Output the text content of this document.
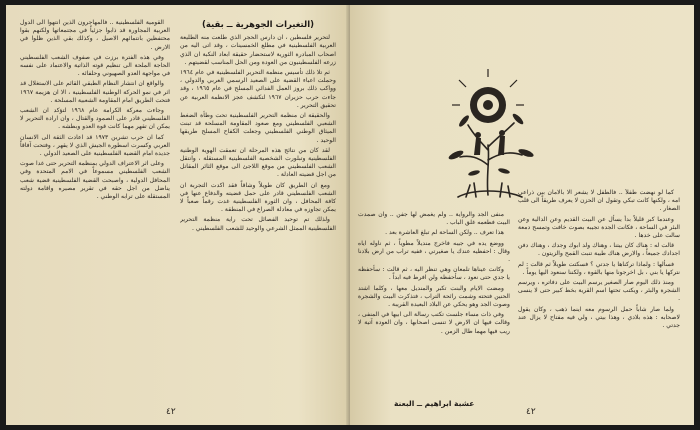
القومية الفلسطينية .. فالمهاجرون الذين انتهوا الى الدول العربية المجاورة قد ذابوا جزئياً في مجتمعاتها ولكنهم بقوا محتفظين بانتمائهم الاصيل ، وكذلك بقي الذين ظلوا في الارض .

وفي هذه الفترة برزت في صفوف الشعب الفلسطيني الحاجة الملحة الى تنظيم قوته الذاتية والاعتماد على نفسه في مواجهة العدو الصهيوني وحلفائه .

والواقع ان انتشار النظام الطبقي القائم على الاستغلال قد اثر في نمو الحركة الوطنية الفلسطينية ، الا ان هزيمة ١٩٦٧ فتحت الطريق امام المقاومة الشعبية المسلحة .

وجاءت معركة الكرامة عام ١٩٦٨ لتؤكد ان الشعب الفلسطيني قادر على الصمود والقتال ، وان ارادة التحرير لا يمكن ان تقهر مهما كانت قوة العدو وبطشه .

كما ان حرب تشرين ١٩٧٣ قد اعادت الثقة الى الانسان العربي وكسرت اسطورة الجيش الذي لا يقهر ، وفتحت آفاقاً جديدة امام القضية الفلسطينية على الصعيد الدولي .

وعلى اثر الاعتراف الدولي بمنظمة التحرير حتى غدا صوت الشعب الفلسطيني مسموعاً في الامم المتحدة وفي المحافل الدولية ، واصبحت القضية الفلسطينية قضية شعب يناضل من اجل حقه في تقرير مصيره واقامة دولته المستقلة على ترابه الوطني .

(التغيرات الجوهرية ــ بقية)

لتحرير فلسطين ، ان دارس الحجر الذي طلعت منه الطليعة العربية الفلسطينية في مطلع الخمسينات ، وقد اتى اليه من اصحاب المبادرة الثورية لاستحضار حقيقة ابعاد النكبة ان الذي زرعه الفلسطينيون من العودة ومن الحل المناسب لقضيتهم .

ثم تلا ذلك تأسيس منظمة التحرير الفلسطينية في عام ١٩٦٤ وحملت اعباء القضية على الصعيد الرسمي العربي والدولي ، وواكب ذلك بروز العمل الفدائي المسلح في عام ١٩٦٥ ، وقد جاءت حرب حزيران ١٩٦٧ لتكشف عجز الانظمة العربية عن تحقيق التحرير .

والحقيقة ان منظمة التحرير الفلسطينية تحت وطأة الضغط الشعبي الفلسطيني ومع صعود المقاومة المسلحة قد تبنت الميثاق الوطني الفلسطيني وجعلت الكفاح المسلح طريقها الوحيد .

لقد كان من نتائج هذه المرحلة ان تعمقت الهوية الوطنية الفلسطينية وتبلورت الشخصية الفلسطينية المستقلة ، وانتقل الشعب الفلسطيني من موقع اللاجئ الى موقع الثائر المقاتل من اجل قضيته العادلة .

ومع ان الطريق كان طويلاً وشاقاً فقد اكدت التجربة ان الشعب الفلسطيني قادر على حمل قضيته والدفاع عنها في كافة المحافل ، وان الثورة الفلسطينية غدت رقماً صعباً لا يمكن تجاوزه في معادلة الصراع في المنطقة .

ولذلك تم توحيد الفصائل تحت راية منظمة التحرير الفلسطينية الممثل الشرعي والوحيد للشعب الفلسطيني .

٤٢

منفى الجد والرواية .. ولم يغمض لها جفن .. وان صمدت البيت فطعمه غلق الباب .

هذا تعرف .. ولكن الساحة لم تبلغ العاشرة بعد .

ووضع يده في جيبه فاخرج منديلاً مطوياً ، ثم ناوله اياه وقال : احفظيه عندك يا صغيرتي ، ففيه تراب من ارض بلادنا .

وكانت عيناها تلمعان وهي تنظر اليه ، ثم قالت : سأحفظه يا جدي حتى نعود ، سأحفظه ولن افرط فيه ابداً .

ومضت الايام والبنت تكبر والمنديل معها ، وكلما اشتد الحنين فتحته وشمت رائحة التراب ، فتذكرت البيت والشجرة وصوت الجد وهو يحكي عن البلاد البعيدة القريبة .

وفي ذات مساء جلست تكتب رسالة الى ابيها في المنفى ، وقالت فيها ان الارض لا تنسى اصحابها ، وان العودة آتية لا ريب فيها مهما طال الزمن .

عشبة ابراهيم ــ البعنة

كما لو نهضت طفلاً .. فالطفل لا يشعر الا بالامان بين ذراعي امه ، ولكنها كانت تبكي وتقول ان الحزن لا يعرف طريقاً الى قلب الصغار .

وعندما كبر قليلاً بدأ يسأل عن البيت القديم وعن الدالية وعن البئر في الساحة ، فكانت الجدة تجيبه بصوت خافت وتمسح دمعة سالت على خدها .

قالت له : هناك كان بيتنا ، وهناك ولد ابوك وجدك ، وهناك دفن اجدادك جميعاً ، والارض هناك طيبة تنبت القمح والزيتون .

فسألها : ولماذا تركناها يا جدتي ؟ فسكتت طويلاً ثم قالت : لم نتركها يا بني ، بل اخرجونا منها بالقوة ، ولكننا سنعود اليها يوماً .

ومنذ ذلك اليوم صار الصغير يرسم البيت على دفاتره ، ويرسم الشجرة والبئر ، ويكتب تحتها اسم القرية بخط كبير حتى لا ينسى .

ولما صار شاباً حمل الرسوم معه اينما ذهب ، وكان يقول لاصحابه : هذه بلادي ، وهذا بيتي ، ولي فيه مفتاح لا يزال عند جدتي .

٤٢
